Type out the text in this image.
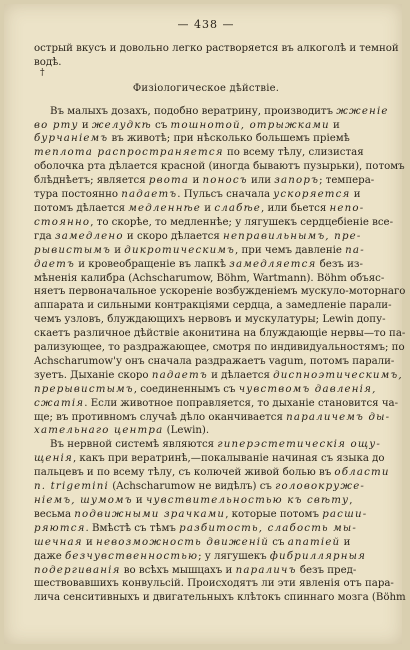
†
— 438 —

острый вкусъ и довольно легко растворяется въ алкоголѣ и темной
водѣ.

Физіологическое дѣйствіе.
Въ малыхъ дозахъ, подобно вератрину, производитъ жженіе
во рту и желудкѣ съ тошнотой, отрыжками и
бурчаніемъ въ животѣ; при нѣсколько большемъ пріемѣ
теплота распространяется по всему тѣлу, слизистая
оболочка рта дѣлается красной (иногда бываютъ пузырьки), потомъ
блѣднѣетъ; является рвота и поносъ или запоръ; темпера-
тура постоянно падаетъ. Пульсъ сначала ускоряется и
потомъ дѣлается медленнѣе и слабѣе, или бьется непо-
стоянно, то скорѣе, то медленнѣе; у лягушекъ сердцебіеніе все-
гда замедлено и скоро дѣлается неправильнымъ, пре-
рывистымъ и дикротическимъ, при чемъ давленіе па-
даетъ и кровеобращеніе въ лапкѣ замедляется безъ из-
мѣненія калибра (Achscharumow, Böhm, Wartmann). Böhm объяс-
няетъ первоначальное ускореніе возбужденіемъ мускуло-моторнаго
аппарата и сильными контракціями сердца, а замедленіе парали-
чемъ узловъ, блуждающихъ нервовъ и мускулатуры; Lewin допу-
скаетъ различное дѣйствіе аконитина на блуждающіе нервы—то па-
рализующее, то раздражающее, смотря по индивидуальностямъ; по
Achscharumow'у онъ сначала раздражаетъ vagum, потомъ парали-
зуетъ. Дыханіе скоро падаетъ и дѣлается диспноэтическимъ,
прерывистымъ, соединеннымъ съ чувствомъ давленія,
сжатія. Если животное поправляется, то дыханіе становится ча-
ще; въ противномъ случаѣ дѣло оканчивается параличемъ ды-
хательнаго центра (Lewin).
Въ нервной системѣ являются гиперэстетическія ощу-
щенія, какъ при вератринѣ,—покалываніе начиная съ языка до
пальцевъ и по всему тѣлу, съ колючей живой болью въ области
n. trigemini (Achscharumow не видѣлъ) съ головокруже-
ніемъ, шумомъ и чувствительностью къ свѣту,
весьма подвижными зрачками, которые потомъ расши-
ряются. Вмѣстѣ съ тѣмъ разбитость, слабость мы-
шечная и невозможность движеній съ апатіей и
даже безчувственностью; у лягушекъ фибриллярныя
подергиванія во всѣхъ мышцахъ и параличъ безъ пред-
шествовавшихъ конвульсій. Происходятъ ли эти явленія отъ пара-
лича сенситивныхъ и двигательныхъ клѣтокъ спиннаго мозга (Böhm
